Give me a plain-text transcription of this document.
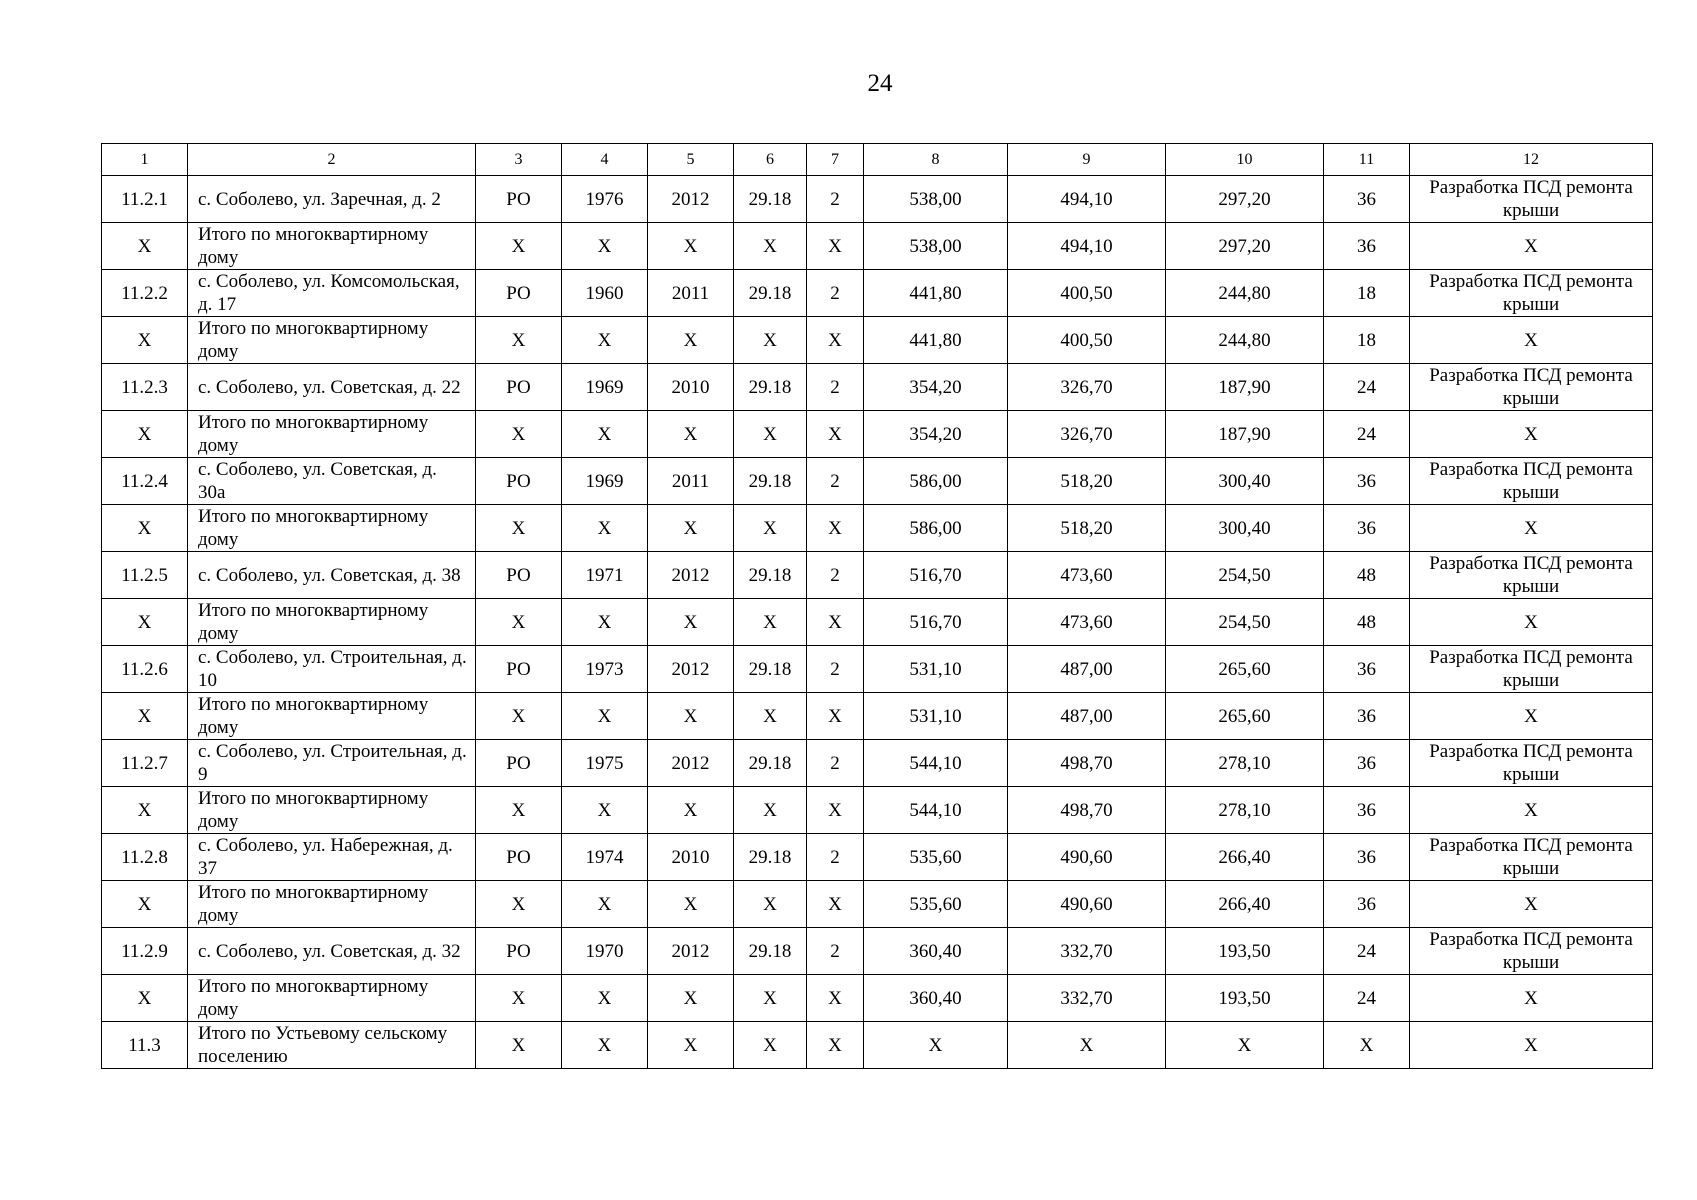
24
1	2	3	4	5	6	7	8	9	10	11	12
11.2.1	с. Соболево, ул. Заречная, д. 2	РО	1976	2012	29.18	2	538,00	494,10	297,20	36	Разработка ПСД ремонта крыши
X	Итого по многоквартирному дому	X	X	X	X	X	538,00	494,10	297,20	36	X
11.2.2	с. Соболево, ул. Комсомольская, д. 17	РО	1960	2011	29.18	2	441,80	400,50	244,80	18	Разработка ПСД ремонта крыши
X	Итого по многоквартирному дому	X	X	X	X	X	441,80	400,50	244,80	18	X
11.2.3	с. Соболево, ул. Советская, д. 22	РО	1969	2010	29.18	2	354,20	326,70	187,90	24	Разработка ПСД ремонта крыши
X	Итого по многоквартирному дому	X	X	X	X	X	354,20	326,70	187,90	24	X
11.2.4	с. Соболево, ул. Советская, д. 30а	РО	1969	2011	29.18	2	586,00	518,20	300,40	36	Разработка ПСД ремонта крыши
X	Итого по многоквартирному дому	X	X	X	X	X	586,00	518,20	300,40	36	X
11.2.5	с. Соболево, ул. Советская, д. 38	РО	1971	2012	29.18	2	516,70	473,60	254,50	48	Разработка ПСД ремонта крыши
X	Итого по многоквартирному дому	X	X	X	X	X	516,70	473,60	254,50	48	X
11.2.6	с. Соболево, ул. Строительная, д. 10	РО	1973	2012	29.18	2	531,10	487,00	265,60	36	Разработка ПСД ремонта крыши
X	Итого по многоквартирному дому	X	X	X	X	X	531,10	487,00	265,60	36	X
11.2.7	с. Соболево, ул. Строительная, д. 9	РО	1975	2012	29.18	2	544,10	498,70	278,10	36	Разработка ПСД ремонта крыши
X	Итого по многоквартирному дому	X	X	X	X	X	544,10	498,70	278,10	36	X
11.2.8	с. Соболево, ул. Набережная, д. 37	РО	1974	2010	29.18	2	535,60	490,60	266,40	36	Разработка ПСД ремонта крыши
X	Итого по многоквартирному дому	X	X	X	X	X	535,60	490,60	266,40	36	X
11.2.9	с. Соболево, ул. Советская, д. 32	РО	1970	2012	29.18	2	360,40	332,70	193,50	24	Разработка ПСД ремонта крыши
X	Итого по многоквартирному дому	X	X	X	X	X	360,40	332,70	193,50	24	X
11.3	Итого по Устьевому сельскому поселению	X	X	X	X	X	X	X	X	X	X
